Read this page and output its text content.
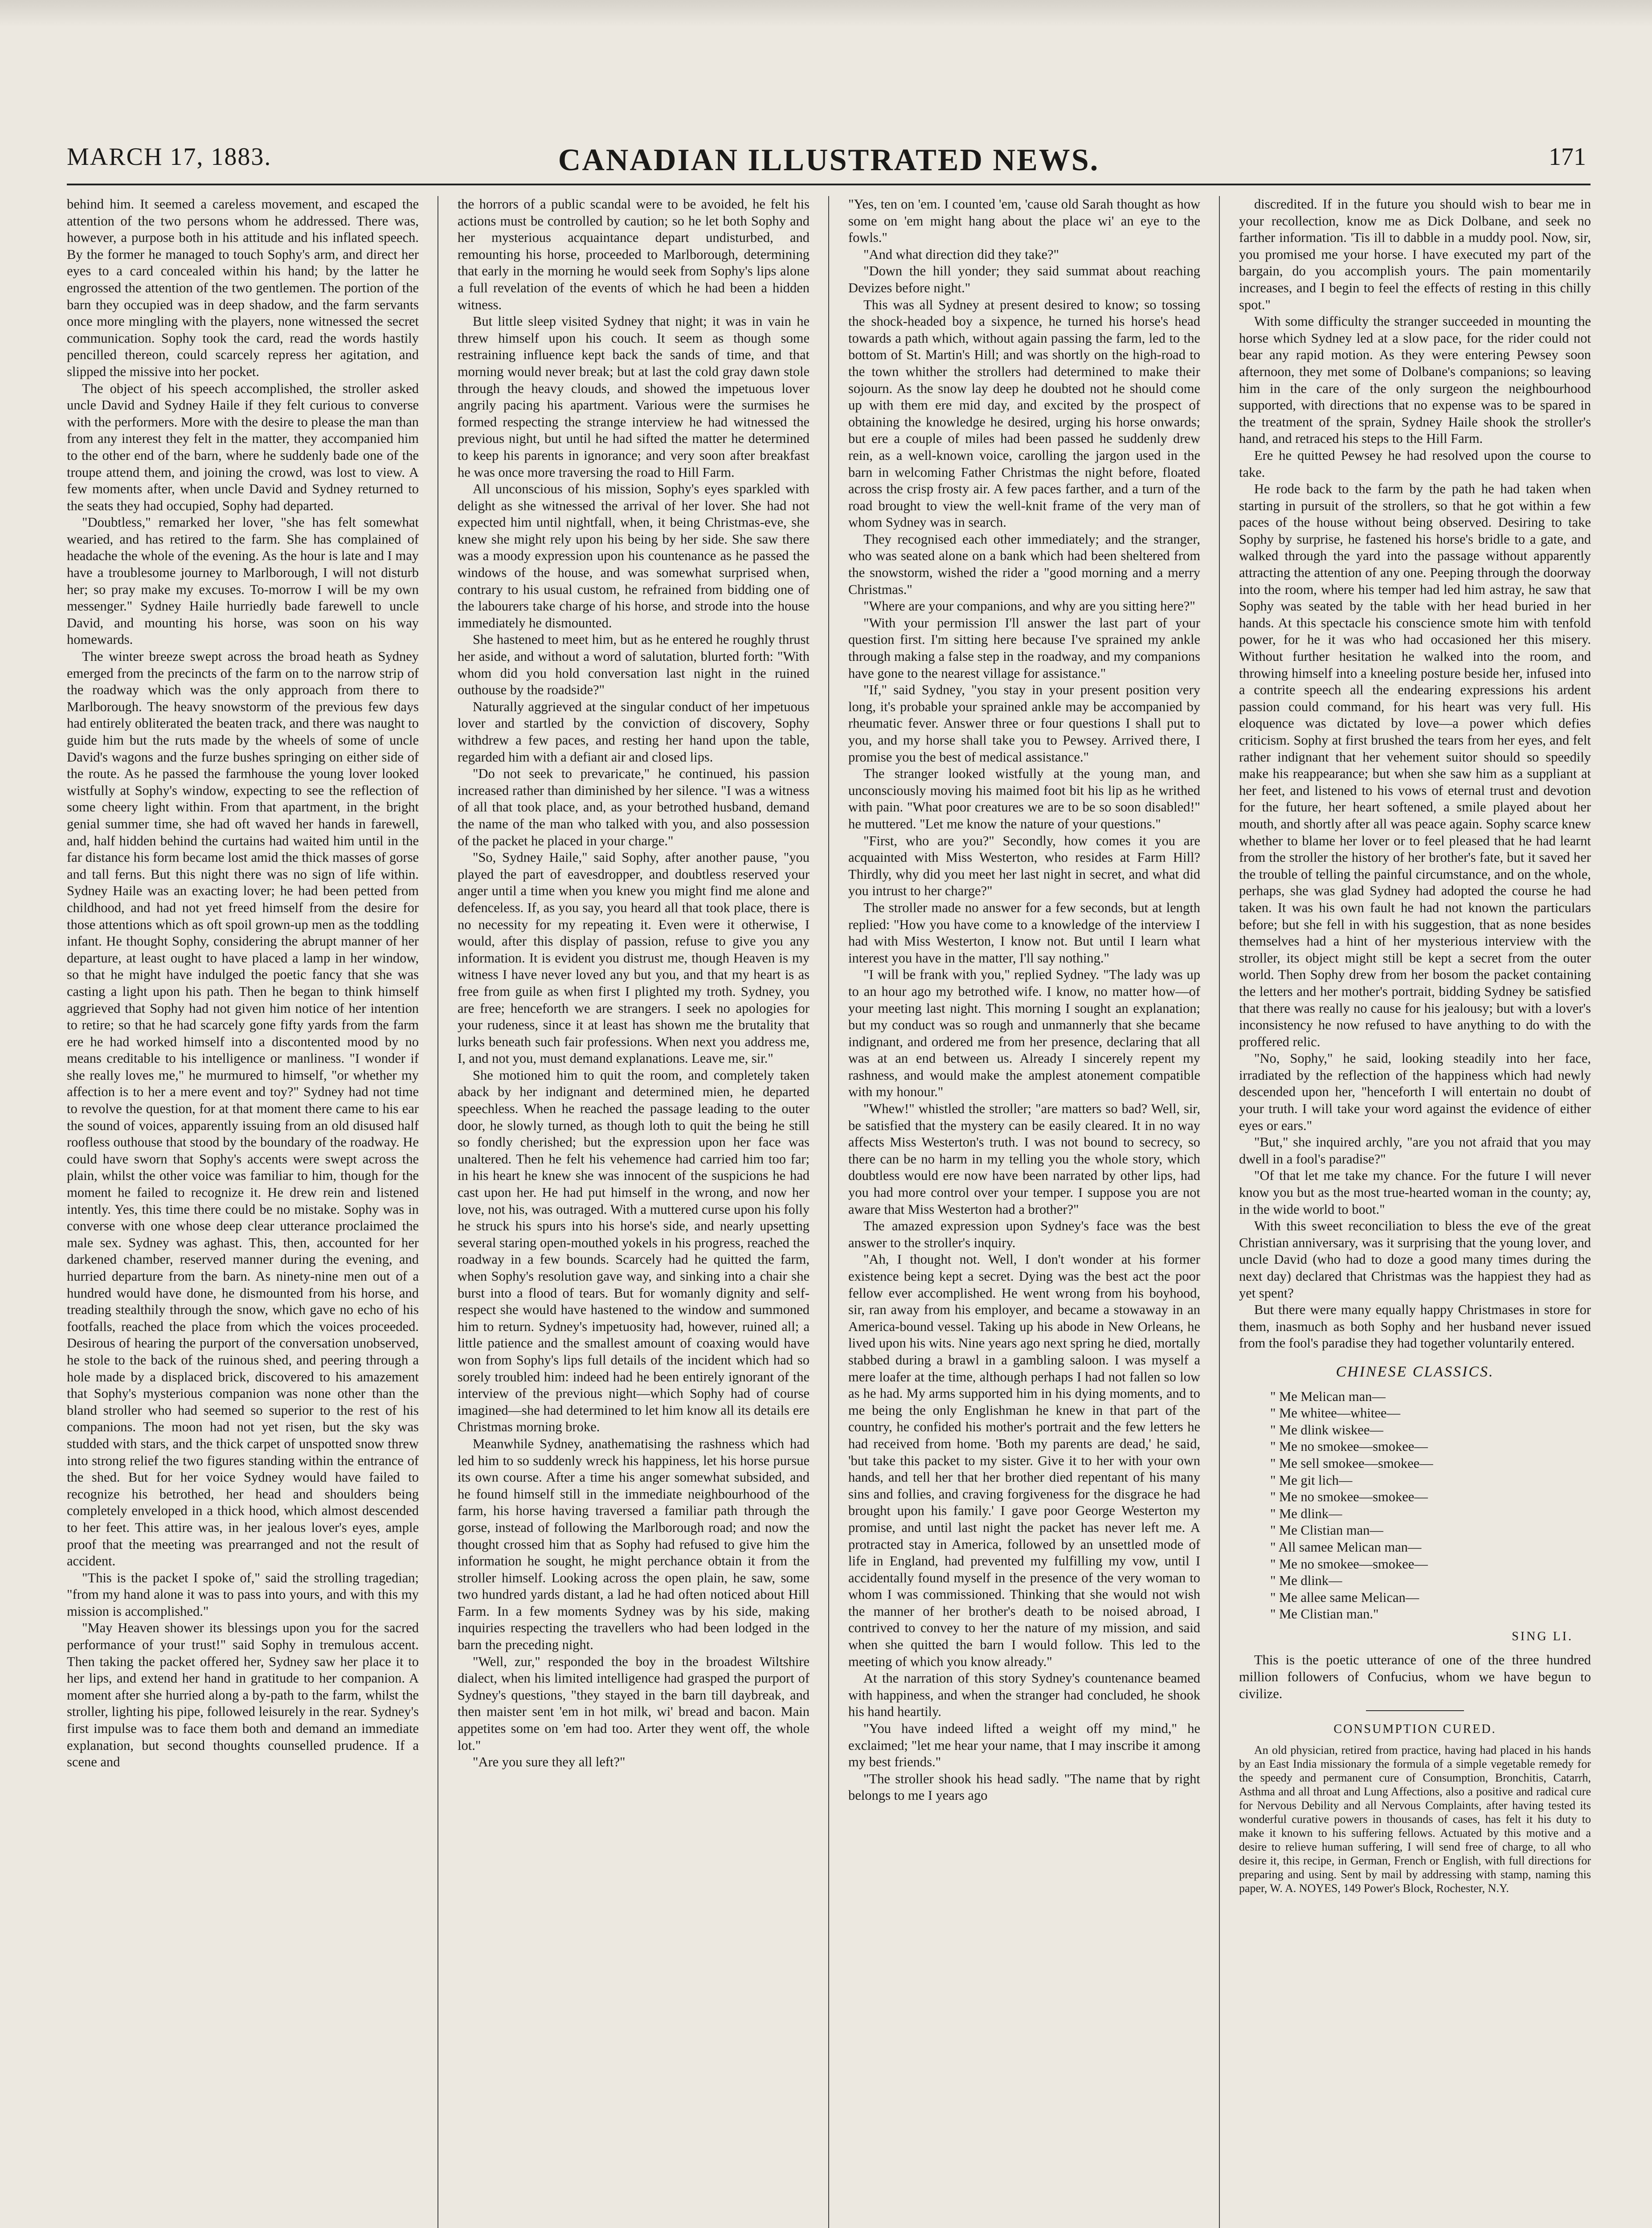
MARCH 17, 1883.	CANADIAN ILLUSTRATED NEWS.	171

behind him. It seemed a careless movement, and escaped the attention of the two persons whom he addressed. There was, however, a purpose both in his attitude and his inflated speech. By the former he managed to touch Sophy's arm, and direct her eyes to a card concealed within his hand; by the latter he engrossed the attention of the two gentlemen. The portion of the barn they occupied was in deep shadow, and the farm servants once more mingling with the players, none witnessed the secret communication. Sophy took the card, read the words hastily pencilled thereon, could scarcely repress her agitation, and slipped the missive into her pocket.

The object of his speech accomplished, the stroller asked uncle David and Sydney Haile if they felt curious to converse with the performers. More with the desire to please the man than from any interest they felt in the matter, they accompanied him to the other end of the barn, where he suddenly bade one of the troupe attend them, and joining the crowd, was lost to view. A few moments after, when uncle David and Sydney returned to the seats they had occupied, Sophy had departed.

"Doubtless," remarked her lover, "she has felt somewhat wearied, and has retired to the farm. She has complained of headache the whole of the evening. As the hour is late and I may have a troublesome journey to Marlborough, I will not disturb her; so pray make my excuses. To-morrow I will be my own messenger." Sydney Haile hurriedly bade farewell to uncle David, and mounting his horse, was soon on his way homewards.

The winter breeze swept across the broad heath as Sydney emerged from the precincts of the farm on to the narrow strip of the roadway which was the only approach from there to Marlborough. The heavy snowstorm of the previous few days had entirely obliterated the beaten track, and there was naught to guide him but the ruts made by the wheels of some of uncle David's wagons and the furze bushes springing on either side of the route. As he passed the farmhouse the young lover looked wistfully at Sophy's window, expecting to see the reflection of some cheery light within. From that apartment, in the bright genial summer time, she had oft waved her hands in farewell, and, half hidden behind the curtains had waited him until in the far distance his form became lost amid the thick masses of gorse and tall ferns. But this night there was no sign of life within. Sydney Haile was an exacting lover; he had been petted from childhood, and had not yet freed himself from the desire for those attentions which as oft spoil grown-up men as the toddling infant. He thought Sophy, considering the abrupt manner of her departure, at least ought to have placed a lamp in her window, so that he might have indulged the poetic fancy that she was casting a light upon his path. Then he began to think himself aggrieved that Sophy had not given him notice of her intention to retire; so that he had scarcely gone fifty yards from the farm ere he had worked himself into a discontented mood by no means creditable to his intelligence or manliness. "I wonder if she really loves me," he murmured to himself, "or whether my affection is to her a mere event and toy?" Sydney had not time to revolve the question, for at that moment there came to his ear the sound of voices, apparently issuing from an old disused half roofless outhouse that stood by the boundary of the roadway. He could have sworn that Sophy's accents were swept across the plain, whilst the other voice was familiar to him, though for the moment he failed to recognize it. He drew rein and listened intently. Yes, this time there could be no mistake. Sophy was in converse with one whose deep clear utterance proclaimed the male sex. Sydney was aghast. This, then, accounted for her darkened chamber, reserved manner during the evening, and hurried departure from the barn. As ninety-nine men out of a hundred would have done, he dismounted from his horse, and treading stealthily through the snow, which gave no echo of his footfalls, reached the place from which the voices proceeded. Desirous of hearing the purport of the conversation unobserved, he stole to the back of the ruinous shed, and peering through a hole made by a displaced brick, discovered to his amazement that Sophy's mysterious companion was none other than the bland stroller who had seemed so superior to the rest of his companions. The moon had not yet risen, but the sky was studded with stars, and the thick carpet of unspotted snow threw into strong relief the two figures standing within the entrance of the shed. But for her voice Sydney would have failed to recognize his betrothed, her head and shoulders being completely enveloped in a thick hood, which almost descended to her feet. This attire was, in her jealous lover's eyes, ample proof that the meeting was prearranged and not the result of accident.

"This is the packet I spoke of," said the strolling tragedian; "from my hand alone it was to pass into yours, and with this my mission is accomplished."

"May Heaven shower its blessings upon you for the sacred performance of your trust!" said Sophy in tremulous accent. Then taking the packet offered her, Sydney saw her place it to her lips, and extend her hand in gratitude to her companion. A moment after she hurried along a by-path to the farm, whilst the stroller, lighting his pipe, followed leisurely in the rear. Sydney's first impulse was to face them both and demand an immediate explanation, but second thoughts counselled prudence. If a scene and

the horrors of a public scandal were to be avoided, he felt his actions must be controlled by caution; so he let both Sophy and her mysterious acquaintance depart undisturbed, and remounting his horse, proceeded to Marlborough, determining that early in the morning he would seek from Sophy's lips alone a full revelation of the events of which he had been a hidden witness.

But little sleep visited Sydney that night; it was in vain he threw himself upon his couch. It seem as though some restraining influence kept back the sands of time, and that morning would never break; but at last the cold gray dawn stole through the heavy clouds, and showed the impetuous lover angrily pacing his apartment. Various were the surmises he formed respecting the strange interview he had witnessed the previous night, but until he had sifted the matter he determined to keep his parents in ignorance; and very soon after breakfast he was once more traversing the road to Hill Farm.

All unconscious of his mission, Sophy's eyes sparkled with delight as she witnessed the arrival of her lover. She had not expected him until nightfall, when, it being Christmas-eve, she knew she might rely upon his being by her side. She saw there was a moody expression upon his countenance as he passed the windows of the house, and was somewhat surprised when, contrary to his usual custom, he refrained from bidding one of the labourers take charge of his horse, and strode into the house immediately he dismounted.

She hastened to meet him, but as he entered he roughly thrust her aside, and without a word of salutation, blurted forth: "With whom did you hold conversation last night in the ruined outhouse by the roadside?"

Naturally aggrieved at the singular conduct of her impetuous lover and startled by the conviction of discovery, Sophy withdrew a few paces, and resting her hand upon the table, regarded him with a defiant air and closed lips.

"Do not seek to prevaricate," he continued, his passion increased rather than diminished by her silence. "I was a witness of all that took place, and, as your betrothed husband, demand the name of the man who talked with you, and also possession of the packet he placed in your charge."

"So, Sydney Haile," said Sophy, after another pause, "you played the part of eavesdropper, and doubtless reserved your anger until a time when you knew you might find me alone and defenceless. If, as you say, you heard all that took place, there is no necessity for my repeating it. Even were it otherwise, I would, after this display of passion, refuse to give you any information. It is evident you distrust me, though Heaven is my witness I have never loved any but you, and that my heart is as free from guile as when first I plighted my troth. Sydney, you are free; henceforth we are strangers. I seek no apologies for your rudeness, since it at least has shown me the brutality that lurks beneath such fair professions. When next you address me, I, and not you, must demand explanations. Leave me, sir."

She motioned him to quit the room, and completely taken aback by her indignant and determined mien, he departed speechless. When he reached the passage leading to the outer door, he slowly turned, as though loth to quit the being he still so fondly cherished; but the expression upon her face was unaltered. Then he felt his vehemence had carried him too far; in his heart he knew she was innocent of the suspicions he had cast upon her. He had put himself in the wrong, and now her love, not his, was outraged. With a muttered curse upon his folly he struck his spurs into his horse's side, and nearly upsetting several staring open-mouthed yokels in his progress, reached the roadway in a few bounds. Scarcely had he quitted the farm, when Sophy's resolution gave way, and sinking into a chair she burst into a flood of tears. But for womanly dignity and self-respect she would have hastened to the window and summoned him to return. Sydney's impetuosity had, however, ruined all; a little patience and the smallest amount of coaxing would have won from Sophy's lips full details of the incident which had so sorely troubled him: indeed had he been entirely ignorant of the interview of the previous night—which Sophy had of course imagined—she had determined to let him know all its details ere Christmas morning broke.

Meanwhile Sydney, anathematising the rashness which had led him to so suddenly wreck his happiness, let his horse pursue its own course. After a time his anger somewhat subsided, and he found himself still in the immediate neighbourhood of the farm, his horse having traversed a familiar path through the gorse, instead of following the Marlborough road; and now the thought crossed him that as Sophy had refused to give him the information he sought, he might perchance obtain it from the stroller himself. Looking across the open plain, he saw, some two hundred yards distant, a lad he had often noticed about Hill Farm. In a few moments Sydney was by his side, making inquiries respecting the travellers who had been lodged in the barn the preceding night.

"Well, zur," responded the boy in the broadest Wiltshire dialect, when his limited intelligence had grasped the purport of Sydney's questions, "they stayed in the barn till daybreak, and then maister sent 'em in hot milk, wi' bread and bacon. Main appetites some on 'em had too. Arter they went off, the whole lot."

"Are you sure they all left?"

"Yes, ten on 'em. I counted 'em, 'cause old Sarah thought as how some on 'em might hang about the place wi' an eye to the fowls."

"And what direction did they take?"

"Down the hill yonder; they said summat about reaching Devizes before night."

This was all Sydney at present desired to know; so tossing the shock-headed boy a sixpence, he turned his horse's head towards a path which, without again passing the farm, led to the bottom of St. Martin's Hill; and was shortly on the high-road to the town whither the strollers had determined to make their sojourn. As the snow lay deep he doubted not he should come up with them ere mid day, and excited by the prospect of obtaining the knowledge he desired, urging his horse onwards; but ere a couple of miles had been passed he suddenly drew rein, as a well-known voice, carolling the jargon used in the barn in welcoming Father Christmas the night before, floated across the crisp frosty air. A few paces farther, and a turn of the road brought to view the well-knit frame of the very man of whom Sydney was in search.

They recognised each other immediately; and the stranger, who was seated alone on a bank which had been sheltered from the snowstorm, wished the rider a "good morning and a merry Christmas."

"Where are your companions, and why are you sitting here?"

"With your permission I'll answer the last part of your question first. I'm sitting here because I've sprained my ankle through making a false step in the roadway, and my companions have gone to the nearest village for assistance."

"If," said Sydney, "you stay in your present position very long, it's probable your sprained ankle may be accompanied by rheumatic fever. Answer three or four questions I shall put to you, and my horse shall take you to Pewsey. Arrived there, I promise you the best of medical assistance."

The stranger looked wistfully at the young man, and unconsciously moving his maimed foot bit his lip as he writhed with pain. "What poor creatures we are to be so soon disabled!" he muttered. "Let me know the nature of your questions."

"First, who are you?" Secondly, how comes it you are acquainted with Miss Westerton, who resides at Farm Hill? Thirdly, why did you meet her last night in secret, and what did you intrust to her charge?"

The stroller made no answer for a few seconds, but at length replied: "How you have come to a knowledge of the interview I had with Miss Westerton, I know not. But until I learn what interest you have in the matter, I'll say nothing."

"I will be frank with you," replied Sydney. "The lady was up to an hour ago my betrothed wife. I know, no matter how—of your meeting last night. This morning I sought an explanation; but my conduct was so rough and unmannerly that she became indignant, and ordered me from her presence, declaring that all was at an end between us. Already I sincerely repent my rashness, and would make the amplest atonement compatible with my honour."

"Whew!" whistled the stroller; "are matters so bad? Well, sir, be satisfied that the mystery can be easily cleared. It in no way affects Miss Westerton's truth. I was not bound to secrecy, so there can be no harm in my telling you the whole story, which doubtless would ere now have been narrated by other lips, had you had more control over your temper. I suppose you are not aware that Miss Westerton had a brother?"

The amazed expression upon Sydney's face was the best answer to the stroller's inquiry.

"Ah, I thought not. Well, I don't wonder at his former existence being kept a secret. Dying was the best act the poor fellow ever accomplished. He went wrong from his boyhood, sir, ran away from his employer, and became a stowaway in an America-bound vessel. Taking up his abode in New Orleans, he lived upon his wits. Nine years ago next spring he died, mortally stabbed during a brawl in a gambling saloon. I was myself a mere loafer at the time, although perhaps I had not fallen so low as he had. My arms supported him in his dying moments, and to me being the only Englishman he knew in that part of the country, he confided his mother's portrait and the few letters he had received from home. 'Both my parents are dead,' he said, 'but take this packet to my sister. Give it to her with your own hands, and tell her that her brother died repentant of his many sins and follies, and craving forgiveness for the disgrace he had brought upon his family.' I gave poor George Westerton my promise, and until last night the packet has never left me. A protracted stay in America, followed by an unsettled mode of life in England, had prevented my fulfilling my vow, until I accidentally found myself in the presence of the very woman to whom I was commissioned. Thinking that she would not wish the manner of her brother's death to be noised abroad, I contrived to convey to her the nature of my mission, and said when she quitted the barn I would follow. This led to the meeting of which you know already."

At the narration of this story Sydney's countenance beamed with happiness, and when the stranger had concluded, he shook his hand heartily.

"You have indeed lifted a weight off my mind," he exclaimed; "let me hear your name, that I may inscribe it among my best friends."

"The stroller shook his head sadly. "The name that by right belongs to me I years ago

discredited. If in the future you should wish to bear me in your recollection, know me as Dick Dolbane, and seek no farther information. 'Tis ill to dabble in a muddy pool. Now, sir, you promised me your horse. I have executed my part of the bargain, do you accomplish yours. The pain momentarily increases, and I begin to feel the effects of resting in this chilly spot."

With some difficulty the stranger succeeded in mounting the horse which Sydney led at a slow pace, for the rider could not bear any rapid motion. As they were entering Pewsey soon afternoon, they met some of Dolbane's companions; so leaving him in the care of the only surgeon the neighbourhood supported, with directions that no expense was to be spared in the treatment of the sprain, Sydney Haile shook the stroller's hand, and retraced his steps to the Hill Farm.

Ere he quitted Pewsey he had resolved upon the course to take.

He rode back to the farm by the path he had taken when starting in pursuit of the strollers, so that he got within a few paces of the house without being observed. Desiring to take Sophy by surprise, he fastened his horse's bridle to a gate, and walked through the yard into the passage without apparently attracting the attention of any one. Peeping through the doorway into the room, where his temper had led him astray, he saw that Sophy was seated by the table with her head buried in her hands. At this spectacle his conscience smote him with tenfold power, for he it was who had occasioned her this misery. Without further hesitation he walked into the room, and throwing himself into a kneeling posture beside her, infused into a contrite speech all the endearing expressions his ardent passion could command, for his heart was very full. His eloquence was dictated by love—a power which defies criticism. Sophy at first brushed the tears from her eyes, and felt rather indignant that her vehement suitor should so speedily make his reappearance; but when she saw him as a suppliant at her feet, and listened to his vows of eternal trust and devotion for the future, her heart softened, a smile played about her mouth, and shortly after all was peace again. Sophy scarce knew whether to blame her lover or to feel pleased that he had learnt from the stroller the history of her brother's fate, but it saved her the trouble of telling the painful circumstance, and on the whole, perhaps, she was glad Sydney had adopted the course he had taken. It was his own fault he had not known the particulars before; but she fell in with his suggestion, that as none besides themselves had a hint of her mysterious interview with the stroller, its object might still be kept a secret from the outer world. Then Sophy drew from her bosom the packet containing the letters and her mother's portrait, bidding Sydney be satisfied that there was really no cause for his jealousy; but with a lover's inconsistency he now refused to have anything to do with the proffered relic.

"No, Sophy," he said, looking steadily into her face, irradiated by the reflection of the happiness which had newly descended upon her, "henceforth I will entertain no doubt of your truth. I will take your word against the evidence of either eyes or ears."

"But," she inquired archly, "are you not afraid that you may dwell in a fool's paradise?"

"Of that let me take my chance. For the future I will never know you but as the most true-hearted woman in the county; ay, in the wide world to boot."

With this sweet reconciliation to bless the eve of the great Christian anniversary, was it surprising that the young lover, and uncle David (who had to doze a good many times during the next day) declared that Christmas was the happiest they had as yet spent?

But there were many equally happy Christmases in store for them, inasmuch as both Sophy and her husband never issued from the fool's paradise they had together voluntarily entered.

CHINESE CLASSICS.
" Me Melican man—
" Me whitee—whitee—
" Me dlink wiskee—
" Me no smokee—smokee—
" Me sell smokee—smokee—
" Me git lich—
" Me no smokee—smokee—
" Me dlink—
" Me Clistian man—
" All samee Melican man—
" Me no smokee—smokee—
" Me dlink—
" Me allee same Melican—
" Me Clistian man."
SING LI.

This is the poetic utterance of one of the three hundred million followers of Confucius, whom we have begun to civilize.

CONSUMPTION CURED.

An old physician, retired from practice, having had placed in his hands by an East India missionary the formula of a simple vegetable remedy for the speedy and permanent cure of Consumption, Bronchitis, Catarrh, Asthma and all throat and Lung Affections, also a positive and radical cure for Nervous Debility and all Nervous Complaints, after having tested its wonderful curative powers in thousands of cases, has felt it his duty to make it known to his suffering fellows. Actuated by this motive and a desire to relieve human suffering, I will send free of charge, to all who desire it, this recipe, in German, French or English, with full directions for preparing and using. Sent by mail by addressing with stamp, naming this paper, W. A. NOYES, 149 Power's Block, Rochester, N.Y.
